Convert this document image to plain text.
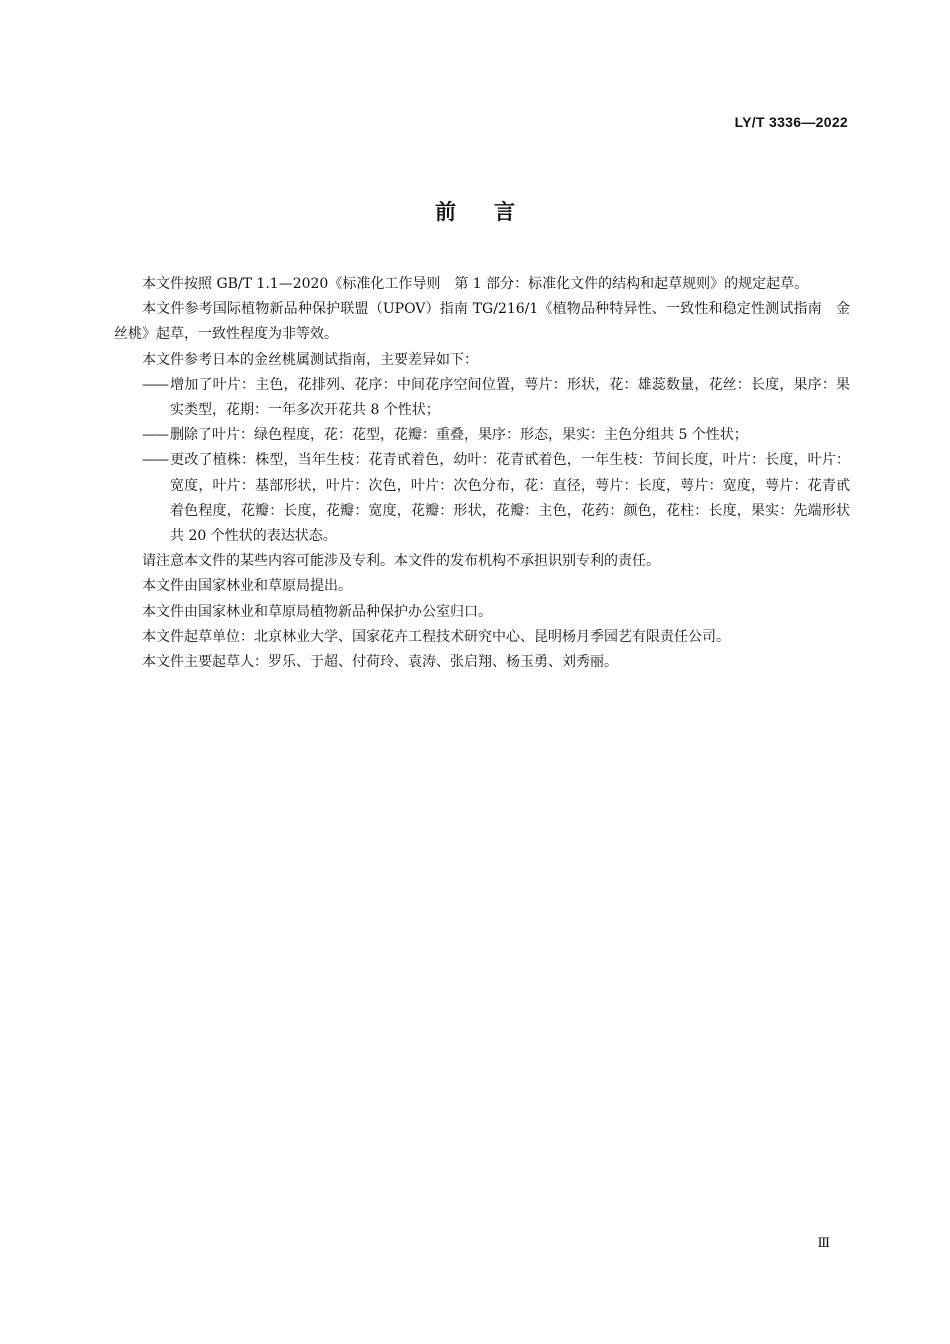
LY/T 3336—2022
前言

本文件按照 GB/T 1.1—2020《标准化工作导则　第 1 部分：标准化文件的结构和起草规则》的规定起草。

本文件参考国际植物新品种保护联盟（UPOV）指南 TG/216/1《植物品种特异性、一致性和稳定性测试指南　金丝桃》起草，一致性程度为非等效。

本文件参考日本的金丝桃属测试指南，主要差异如下：

—— 增加了叶片：主色，花排列、花序：中间花序空间位置，萼片：形状，花：雄蕊数量，花丝：长度，果序：果实类型，花期：一年多次开花共 8 个性状；

—— 删除了叶片：绿色程度，花：花型，花瓣：重叠，果序：形态，果实：主色分组共 5 个性状；

—— 更改了植株：株型，当年生枝：花青甙着色，幼叶：花青甙着色，一年生枝：节间长度，叶片：长度，叶片：宽度，叶片：基部形状，叶片：次色，叶片：次色分布，花：直径，萼片：长度，萼片：宽度，萼片：花青甙着色程度，花瓣：长度，花瓣：宽度，花瓣：形状，花瓣：主色，花药：颜色，花柱：长度，果实：先端形状共 20 个性状的表达状态。

请注意本文件的某些内容可能涉及专利。本文件的发布机构不承担识别专利的责任。

本文件由国家林业和草原局提出。

本文件由国家林业和草原局植物新品种保护办公室归口。

本文件起草单位：北京林业大学、国家花卉工程技术研究中心、昆明杨月季园艺有限责任公司。

本文件主要起草人：罗乐、于超、付荷玲、袁涛、张启翔、杨玉勇、刘秀丽。

Ⅲ
